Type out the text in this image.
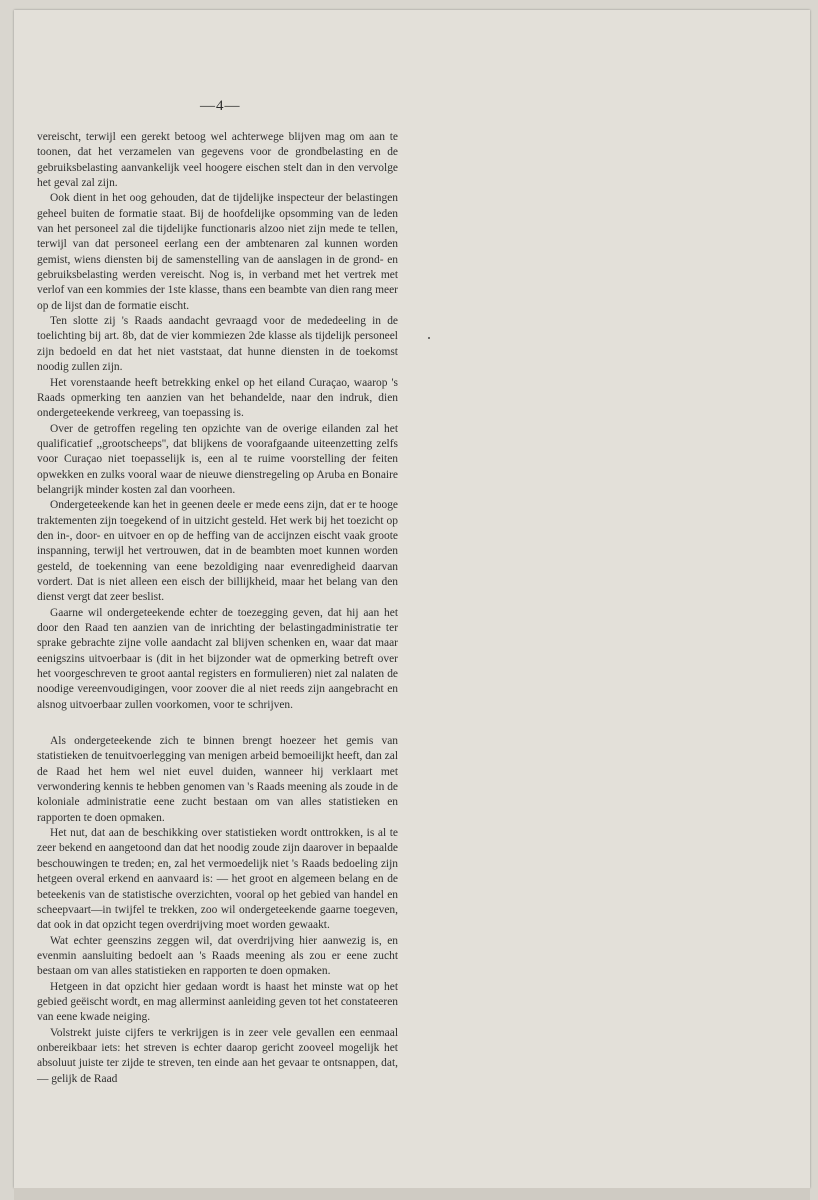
—4—

vereischt, terwijl een gerekt betoog wel achterwege blijven mag om aan te toonen, dat het verzamelen van gegevens voor de grondbelasting en de gebruiksbelasting aanvankelijk veel hoogere eischen stelt dan in den vervolge het geval zal zijn.

Ook dient in het oog gehouden, dat de tijdelijke inspecteur der belastingen geheel buiten de formatie staat. Bij de hoofdelijke opsomming van de leden van het personeel zal die tijdelijke functionaris alzoo niet zijn mede te tellen, terwijl van dat personeel eerlang een der ambtenaren zal kunnen worden gemist, wiens diensten bij de samenstelling van de aanslagen in de grond- en gebruiksbelasting werden vereischt. Nog is, in verband met het vertrek met verlof van een kommies der 1ste klasse, thans een beambte van dien rang meer op de lijst dan de formatie eischt.

Ten slotte zij 's Raads aandacht gevraagd voor de mededeeling in de toelichting bij art. 8b, dat de vier kommiezen 2de klasse als tijdelijk personeel zijn bedoeld en dat het niet vaststaat, dat hunne diensten in de toekomst noodig zullen zijn.

Het vorenstaande heeft betrekking enkel op het eiland Curaçao, waarop 's Raads opmerking ten aanzien van het behandelde, naar den indruk, dien ondergeteekende verkreeg, van toepassing is.

Over de getroffen regeling ten opzichte van de overige eilanden zal het qualificatief ,,grootscheeps'', dat blijkens de voorafgaande uiteenzetting zelfs voor Curaçao niet toepasselijk is, een al te ruime voorstelling der feiten opwekken en zulks vooral waar de nieuwe dienstregeling op Aruba en Bonaire belangrijk minder kosten zal dan voorheen.

Ondergeteekende kan het in geenen deele er mede eens zijn, dat er te hooge traktementen zijn toegekend of in uitzicht gesteld. Het werk bij het toezicht op den in-, door- en uitvoer en op de heffing van de accijnzen eischt vaak groote inspanning, terwijl het vertrouwen, dat in de beambten moet kunnen worden gesteld, de toekenning van eene bezoldiging naar evenredigheid daarvan vordert. Dat is niet alleen een eisch der billijkheid, maar het belang van den dienst vergt dat zeer beslist.

Gaarne wil ondergeteekende echter de toezegging geven, dat hij aan het door den Raad ten aanzien van de inrichting der belastingadministratie ter sprake gebrachte zijne volle aandacht zal blijven schenken en, waar dat maar eenigszins uitvoerbaar is (dit in het bijzonder wat de opmerking betreft over het voorgeschreven te groot aantal registers en formulieren) niet zal nalaten de noodige vereenvoudigingen, voor zoover die al niet reeds zijn aangebracht en alsnog uitvoerbaar zullen voorkomen, voor te schrijven.

Als ondergeteekende zich te binnen brengt hoezeer het gemis van statistieken de tenuitvoerlegging van menigen arbeid bemoeilijkt heeft, dan zal de Raad het hem wel niet euvel duiden, wanneer hij verklaart met verwondering kennis te hebben genomen van 's Raads meening als zoude in de koloniale administratie eene zucht bestaan om van alles statistieken en rapporten te doen opmaken.

Het nut, dat aan de beschikking over statistieken wordt onttrokken, is al te zeer bekend en aangetoond dan dat het noodig zoude zijn daarover in bepaalde beschouwingen te treden; en, zal het vermoedelijk niet 's Raads bedoeling zijn hetgeen overal erkend en aanvaard is: — het groot en algemeen belang en de beteekenis van de statistische overzichten, vooral op het gebied van handel en scheepvaart—in twijfel te trekken, zoo wil ondergeteekende gaarne toegeven, dat ook in dat opzicht tegen overdrijving moet worden gewaakt.

Wat echter geenszins zeggen wil, dat overdrijving hier aanwezig is, en evenmin aansluiting bedoelt aan 's Raads meening als zou er eene zucht bestaan om van alles statistieken en rapporten te doen opmaken.

Hetgeen in dat opzicht hier gedaan wordt is haast het minste wat op het gebied geëischt wordt, en mag allerminst aanleiding geven tot het constateeren van eene kwade neiging.

Volstrekt juiste cijfers te verkrijgen is in zeer vele gevallen een eenmaal onbereikbaar iets: het streven is echter daarop gericht zooveel mogelijk het absoluut juiste ter zijde te streven, ten einde aan het gevaar te ontsnappen, dat, — gelijk de Raad
